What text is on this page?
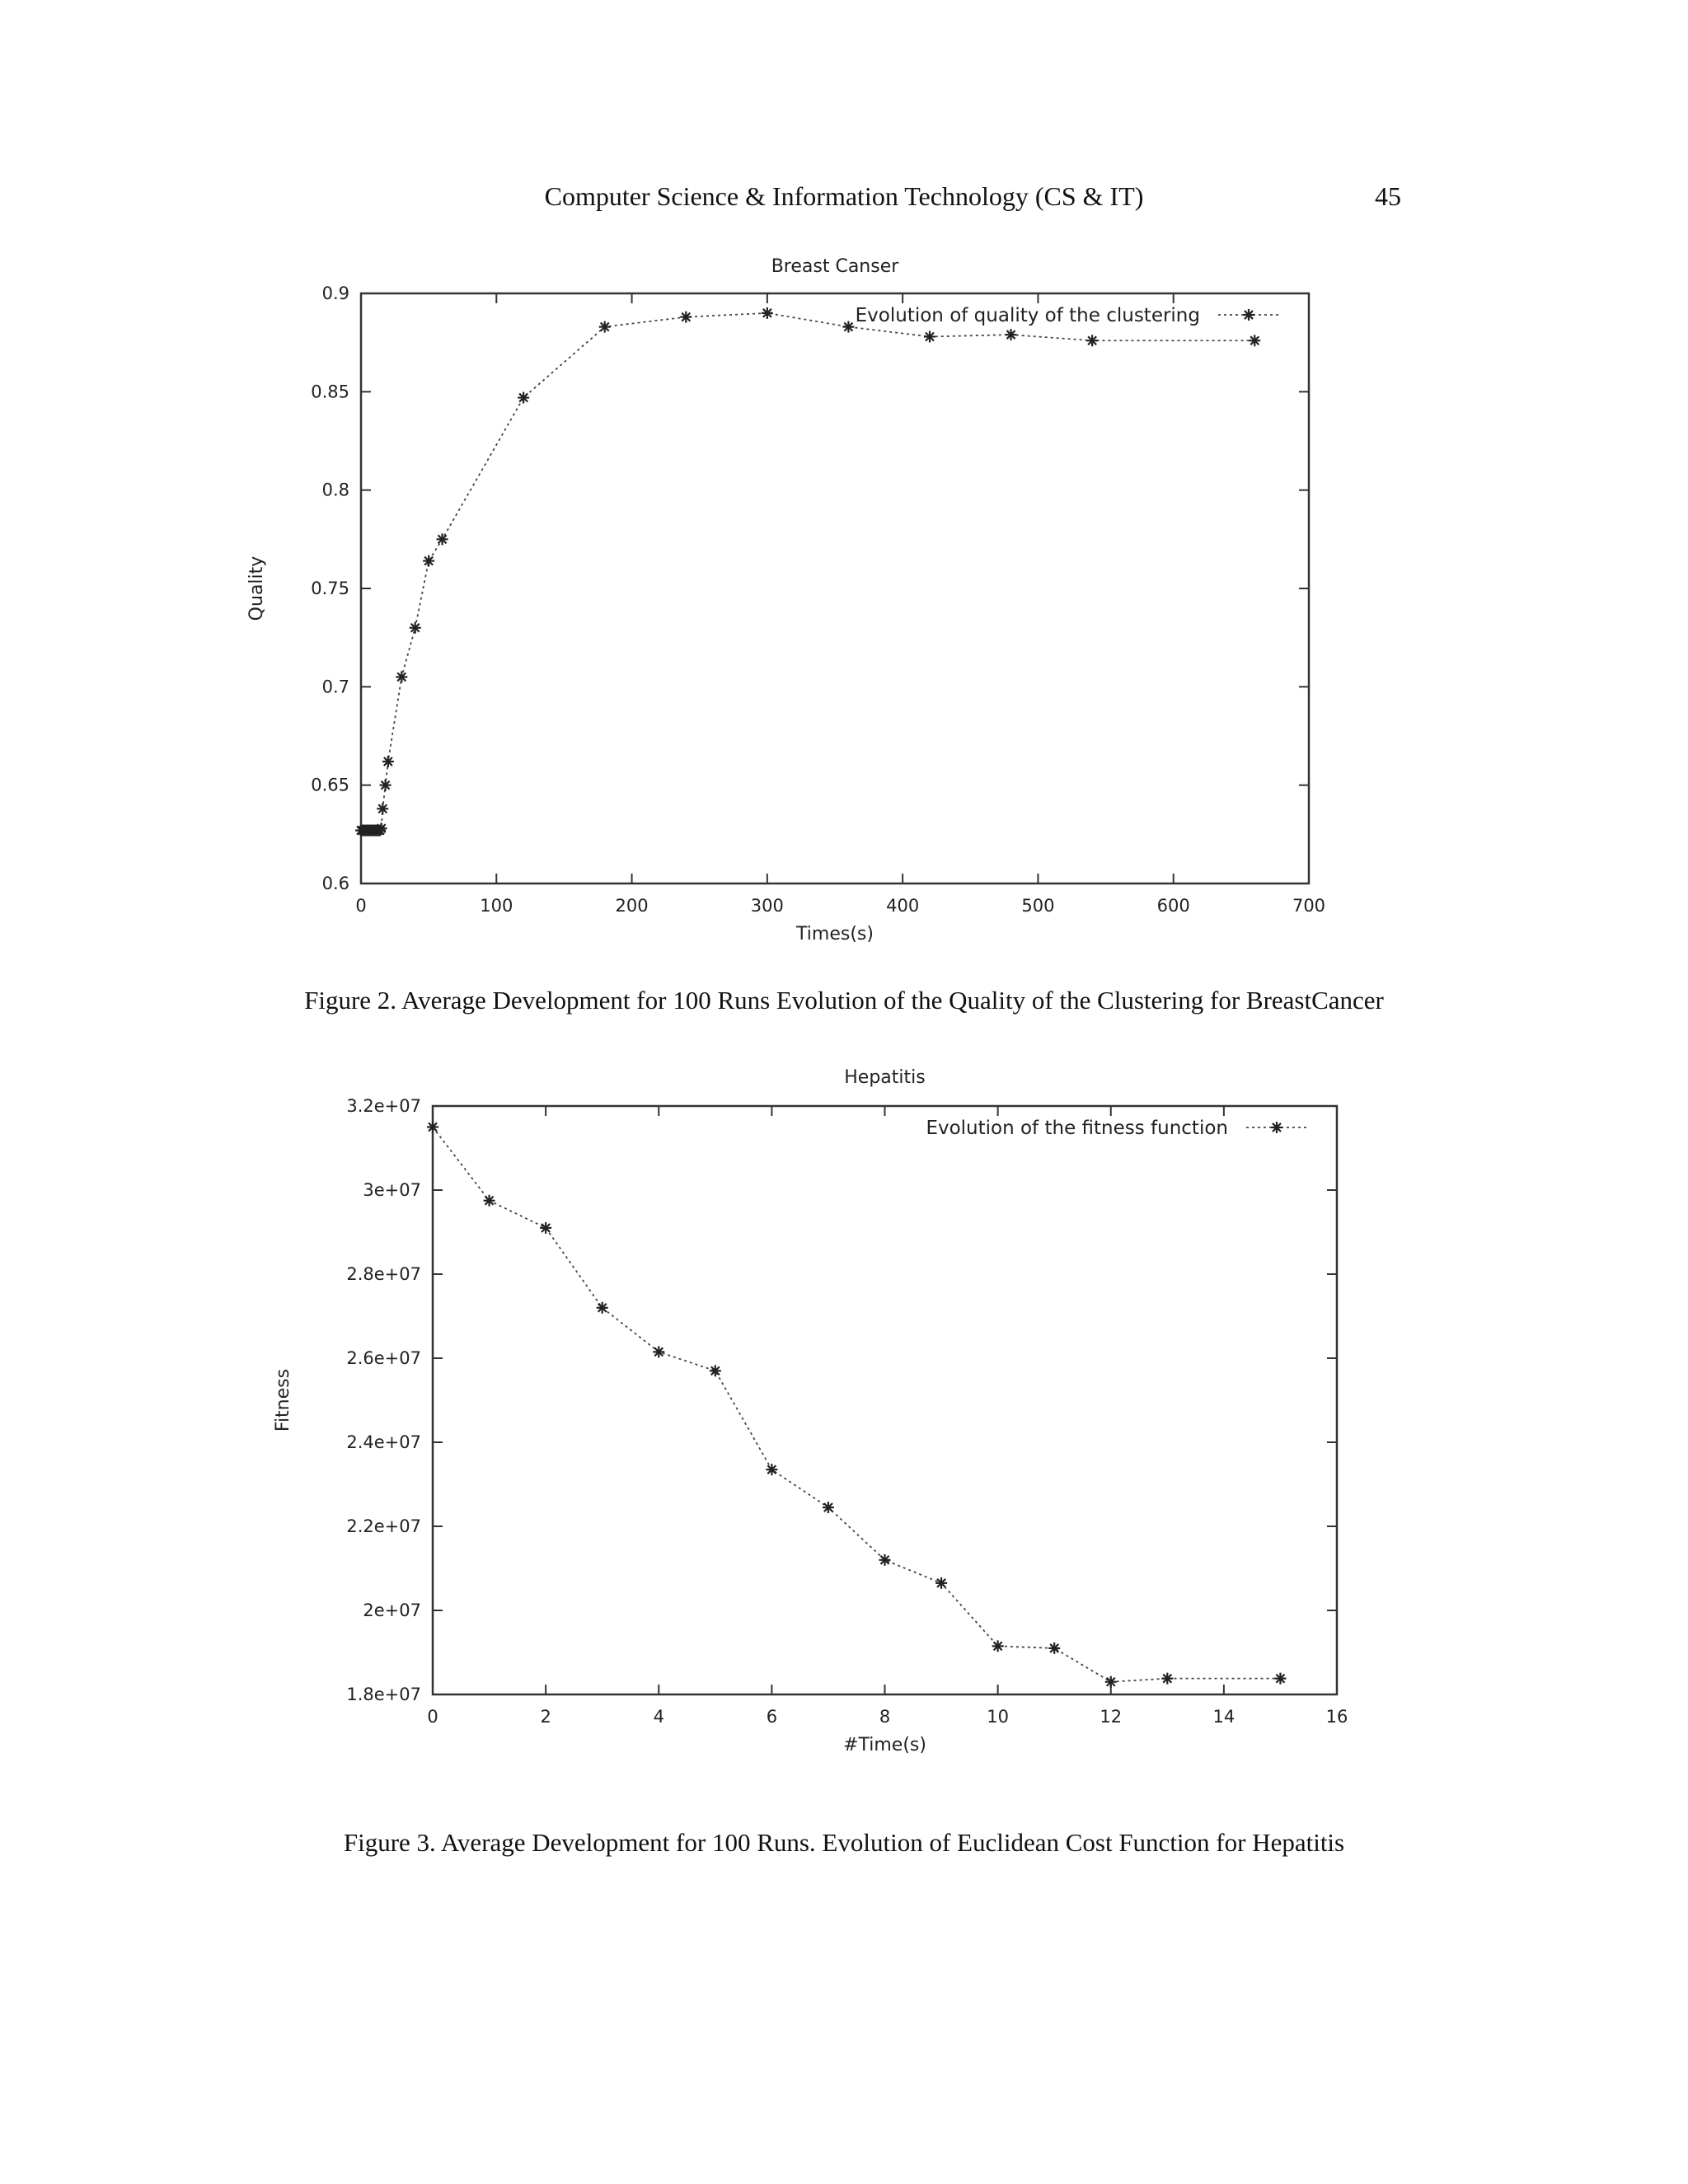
Computer Science & Information Technology (CS & IT)	45
Breast Canser
0	100	200	300	400	500	600	700
0.6
0.65
0.7
0.75
0.8
0.85
0.9
Times(s)
Quality
Evolution of quality of the clustering
Figure 2. Average Development for 100 Runs Evolution of the Quality of the Clustering for BreastCancer
Hepatitis
0	2	4	6	8	10	12	14	16
1.8e+07
2e+07
2.2e+07
2.4e+07
2.6e+07
2.8e+07
3e+07
3.2e+07
#Time(s)
Fitness
Evolution of the fitness function
Figure 3. Average Development for 100 Runs. Evolution of Euclidean Cost Function for Hepatitis
